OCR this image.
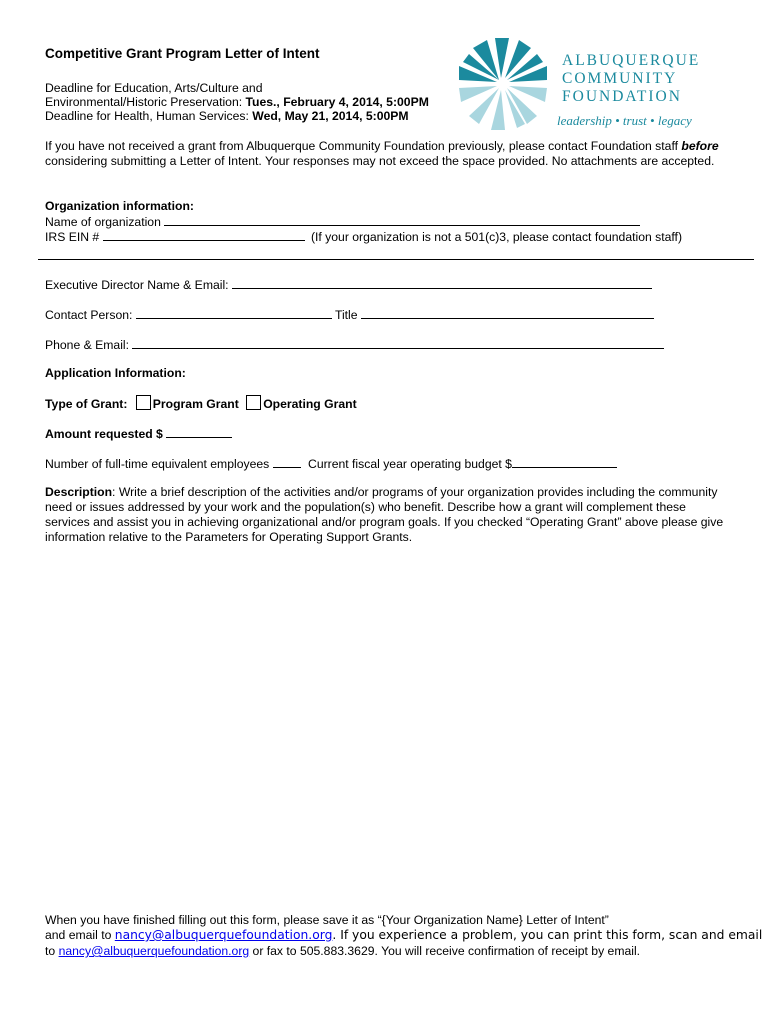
Competitive Grant Program Letter of Intent
Deadline for Education, Arts/Culture and
Environmental/Historic Preservation: Tues., February 4, 2014, 5:00PM
Deadline for Health, Human Services: Wed, May 21, 2014, 5:00PM
ALBUQUERQUE
COMMUNITY
FOUNDATION
leadership • trust • legacy
If you have not received a grant from Albuquerque Community Foundation previously, please contact Foundation staff before considering submitting a Letter of Intent. Your responses may not exceed the space provided. No attachments are accepted.
Organization information:
Name of organization
IRS EIN #	(If your organization is not a 501(c)3, please contact foundation staff)
Executive Director Name & Email:
Contact Person:	Title
Phone & Email:
Application Information:
Type of Grant: Program Grant Operating Grant
Amount requested $
Number of full-time equivalent employees	Current fiscal year operating budget $
Description: Write a brief description of the activities and/or programs of your organization provides including the community need or issues addressed by your work and the population(s) who benefit. Describe how a grant will complement these services and assist you in achieving organizational and/or program goals. If you checked “Operating Grant” above please give information relative to the Parameters for Operating Support Grants.
When you have finished filling out this form, please save it as “{Your Organization Name} Letter of Intent”
and email to nancy@albuquerquefoundation.org. If you experience a problem, you can print this form, scan and email
to nancy@albuquerquefoundation.org or fax to 505.883.3629. You will receive confirmation of receipt by email.
